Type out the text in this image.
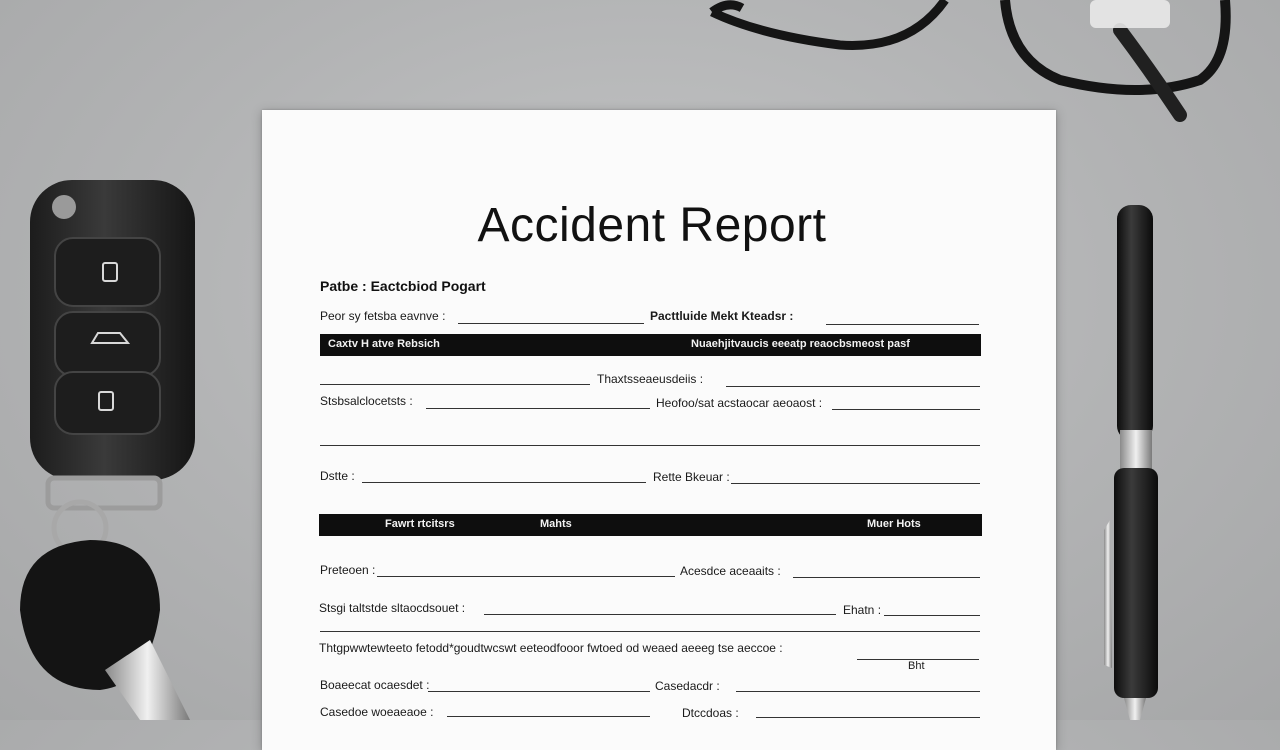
Accident Report
Patbe : Eactcbiod Pogart
Peor sy fetsba eavnve :	Pacttluide Mekt Kteadsr :
Caxtv H atve Rebsich	Nuaehjitvaucis eeeatp reaocbsmeost pasf
Thaxtsseaeusdeiis :
Stsbsalclocetsts :	Heofoo/sat acstaocar aeoaost :
Dstte :	Rette Bkeuar :
Fawrt rtcitsrs	Mahts	Muer Hots
Preteoen :	Acesdce aceaaits :
Stsgi taltstde sltaocdsouet :	Ehatn :
Thtgpwwtewteeto fetodd*goudtwcswt eeteodfooor fwtoed od weaed aeeeg tse aeccoe :
Bht
Boaeecat ocaesdet :	Casedacdr :
Casedoe woeaeaoe :	Dtccdoas :
